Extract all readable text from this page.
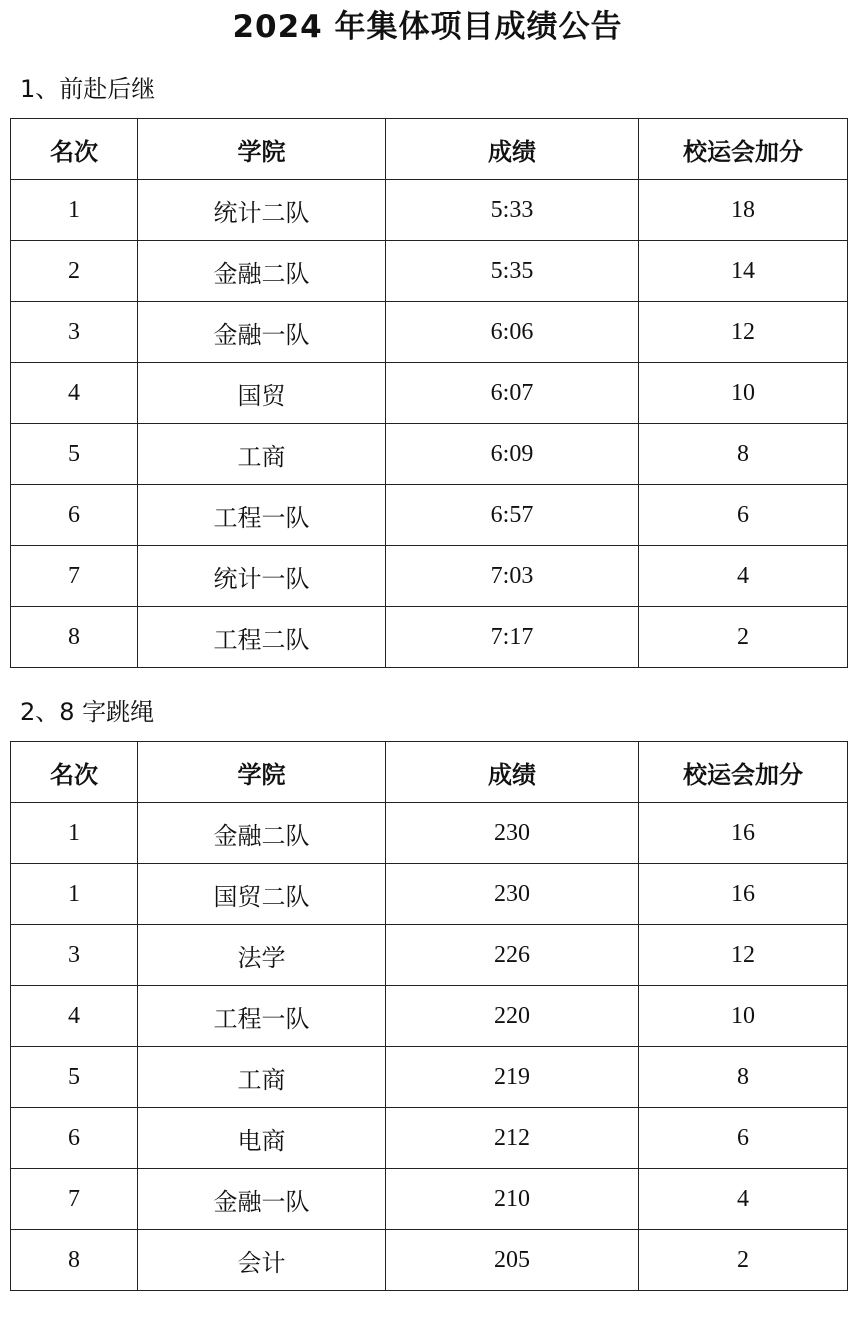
2024 年集体项目成绩公告
1、前赴后继
名次	学院	成绩	校运会加分
1	统计二队	5:33	18
2	金融二队	5:35	14
3	金融一队	6:06	12
4	国贸	6:07	10
5	工商	6:09	8
6	工程一队	6:57	6
7	统计一队	7:03	4
8	工程二队	7:17	2
2、8 字跳绳
名次	学院	成绩	校运会加分
1	金融二队	230	16
1	国贸二队	230	16
3	法学	226	12
4	工程一队	220	10
5	工商	219	8
6	电商	212	6
7	金融一队	210	4
8	会计	205	2
